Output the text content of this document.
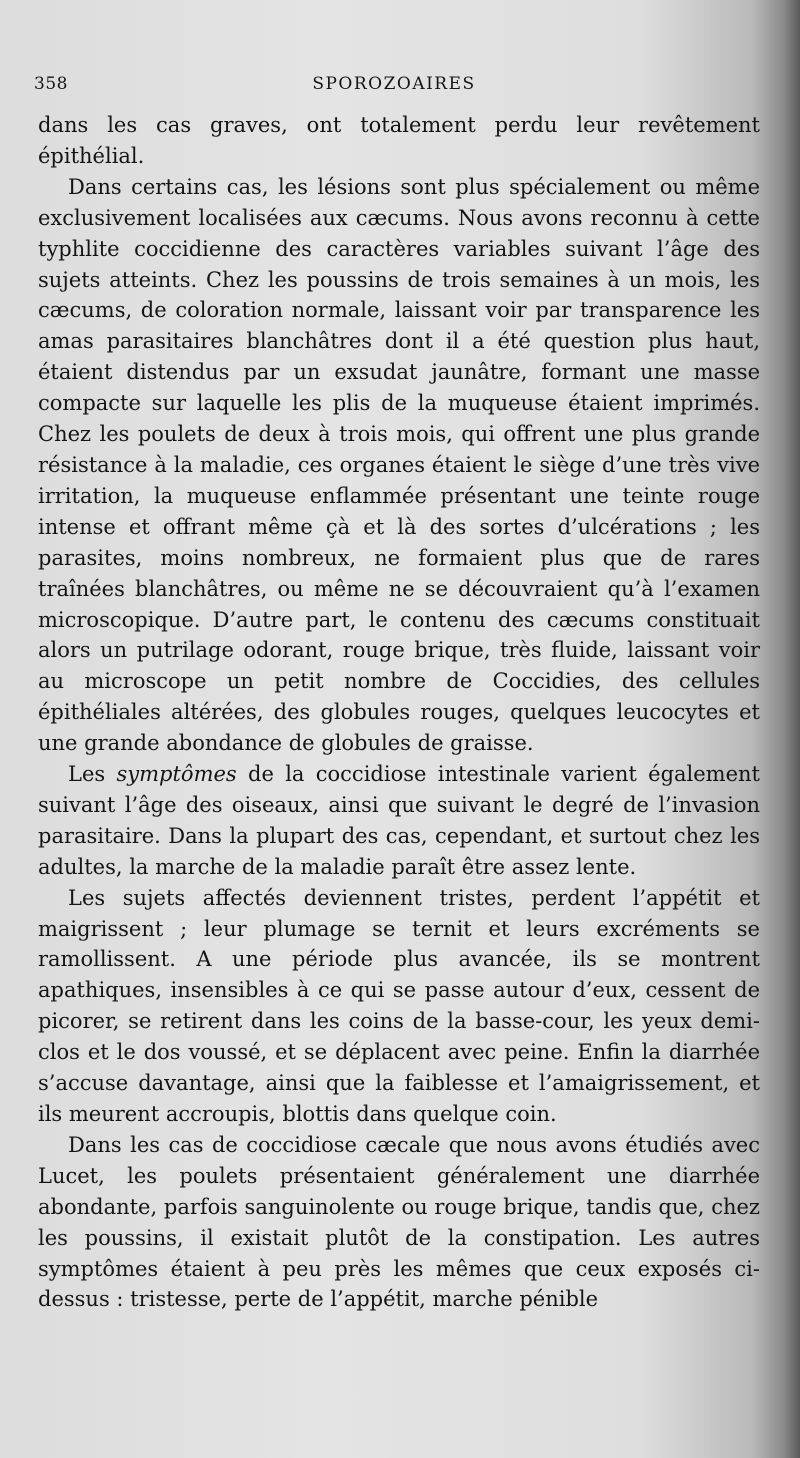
358	SPOROZOAIRES

dans les cas graves, ont totalement perdu leur revêtement épithélial.

Dans certains cas, les lésions sont plus spécialement ou même exclusivement localisées aux cæcums. Nous avons reconnu à cette typhlite coccidienne des caractères variables suivant l’âge des sujets atteints. Chez les poussins de trois semaines à un mois, les cæcums, de coloration normale, laissant voir par transparence les amas parasitaires blanchâtres dont il a été question plus haut, étaient distendus par un exsudat jaunâtre, formant une masse compacte sur laquelle les plis de la muqueuse étaient imprimés. Chez les poulets de deux à trois mois, qui offrent une plus grande résistance à la maladie, ces organes étaient le siège d’une très vive irritation, la muqueuse enflammée présentant une teinte rouge intense et offrant même çà et là des sortes d’ulcérations ; les parasites, moins nombreux, ne formaient plus que de rares traînées blanchâtres, ou même ne se découvraient qu’à l’examen microscopique. D’autre part, le contenu des cæcums constituait alors un putrilage odorant, rouge brique, très fluide, laissant voir au microscope un petit nombre de Coccidies, des cellules épithéliales altérées, des globules rouges, quelques leucocytes et une grande abondance de globules de graisse.

Les symptômes de la coccidiose intestinale varient également suivant l’âge des oiseaux, ainsi que suivant le degré de l’invasion parasitaire. Dans la plupart des cas, cependant, et surtout chez les adultes, la marche de la maladie paraît être assez lente.

Les sujets affectés deviennent tristes, perdent l’appétit et maigrissent ; leur plumage se ternit et leurs excréments se ramollissent. A une période plus avancée, ils se montrent apathiques, insensibles à ce qui se passe autour d’eux, cessent de picorer, se retirent dans les coins de la basse-cour, les yeux demi-clos et le dos voussé, et se déplacent avec peine. Enfin la diarrhée s’accuse davantage, ainsi que la faiblesse et l’amaigrissement, et ils meurent accroupis, blottis dans quelque coin.

Dans les cas de coccidiose cæcale que nous avons étudiés avec Lucet, les poulets présentaient généralement une diarrhée abondante, parfois sanguinolente ou rouge brique, tandis que, chez les poussins, il existait plutôt de la constipation. Les autres symptômes étaient à peu près les mêmes que ceux exposés ci-dessus : tristesse, perte de l’appétit, marche pénible
